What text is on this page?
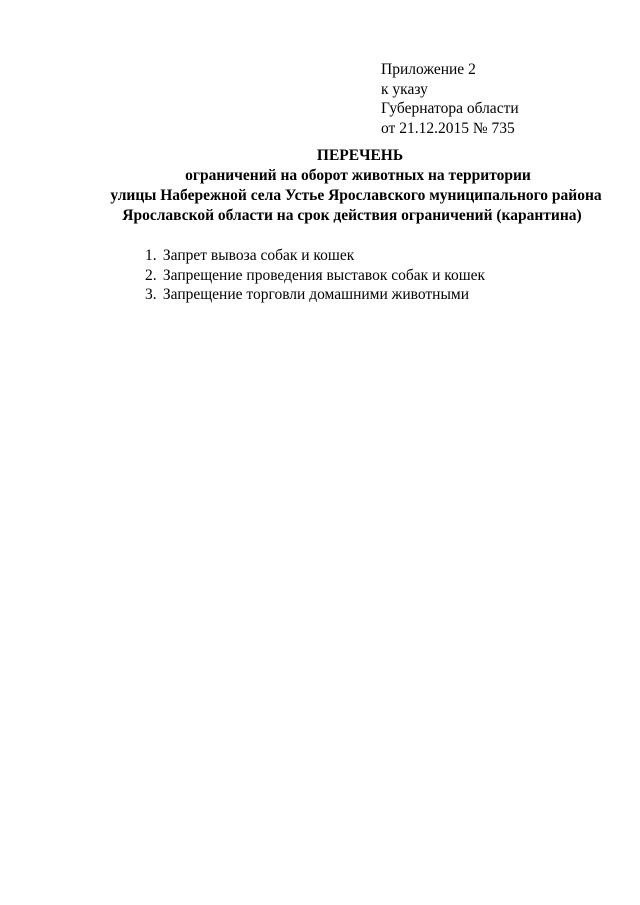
Приложение 2
к указу
Губернатора области
от 21.12.2015 № 735
ПЕРЕЧЕНЬ
ограничений на оборот животных на территории
улицы Набережной села Устье Ярославского муниципального района
Ярославской области на срок действия ограничений (карантина)
1. Запрет вывоза собак и кошек
2. Запрещение проведения выставок собак и кошек
3. Запрещение торговли домашними животными
